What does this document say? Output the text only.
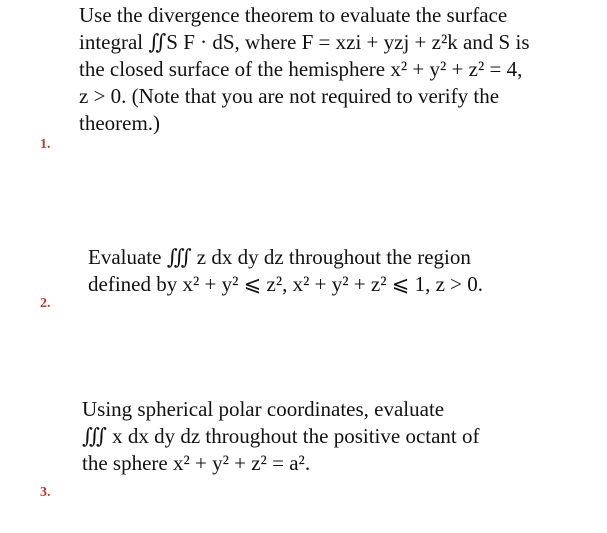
Use the divergence theorem to evaluate the surface
integral ∬S F · dS, where F = xzi + yzj + z²k and S is
the closed surface of the hemisphere x² + y² + z² = 4,
z > 0. (Note that you are not required to verify the
theorem.)
1.
Evaluate ∭ z dx dy dz throughout the region
defined by x² + y² ⩽ z², x² + y² + z² ⩽ 1, z > 0.
2.
Using spherical polar coordinates, evaluate
∭ x dx dy dz throughout the positive octant of
the sphere x² + y² + z² = a².
3.
